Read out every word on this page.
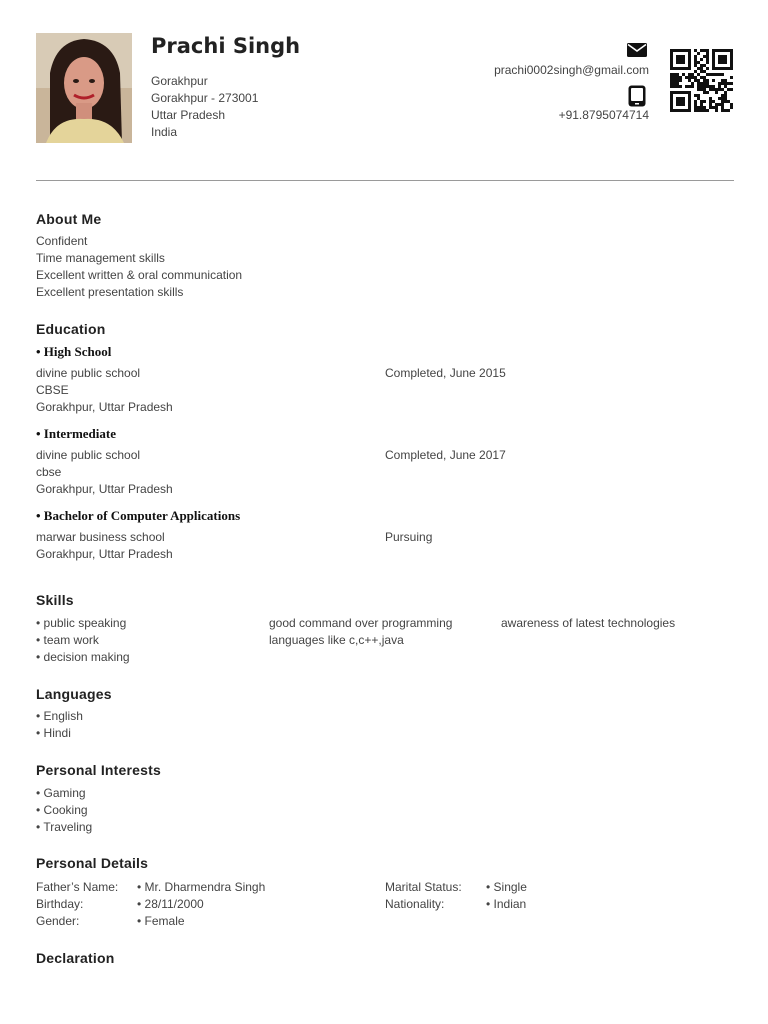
Prachi Singh
Gorakhpur
Gorakhpur - 273001
Uttar Pradesh
India
prachi0002singh@gmail.com
+91.8795074714
About Me
Confident
Time management skills
Excellent written & oral communication
Excellent presentation skills
Education
• High School
divine public school
CBSE
Gorakhpur, Uttar Pradesh
Completed, June 2015
• Intermediate
divine public school
cbse
Gorakhpur, Uttar Pradesh
Completed, June 2017
• Bachelor of Computer Applications
marwar business school
Gorakhpur, Uttar Pradesh
Pursuing
Skills
• public speaking
• team work
• decision making
good command over programming
languages like c,c++,java
awareness of latest technologies
Languages
• English
• Hindi
Personal Interests
• Gaming
• Cooking
• Traveling
Personal Details
Father’s Name:
Birthday:
Gender:
• Mr. Dharmendra Singh
• 28/11/2000
• Female
Marital Status:
Nationality:
• Single
• Indian
Declaration
